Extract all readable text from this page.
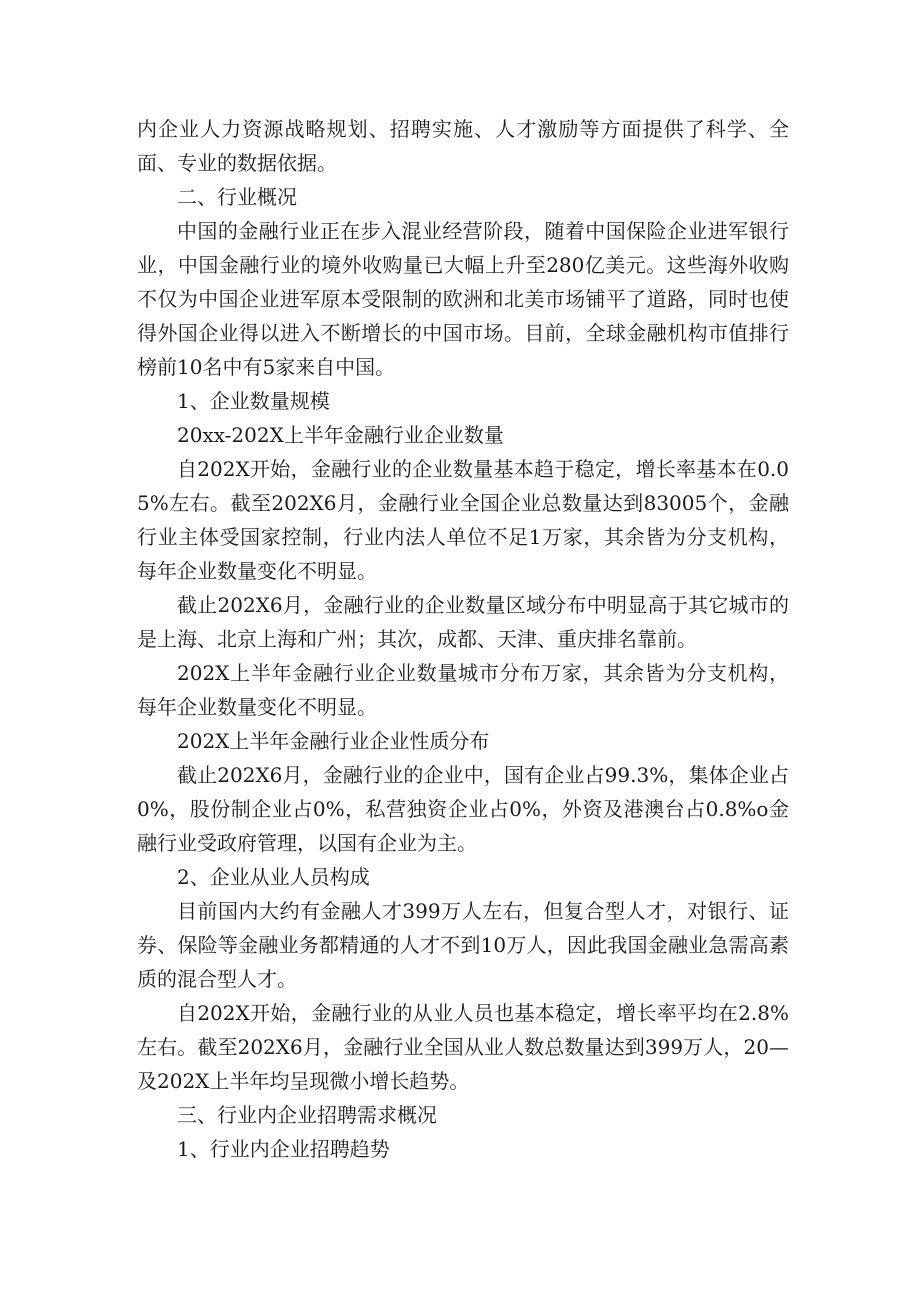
内企业人力资源战略规划、招聘实施、人才激励等方面提供了科学、全面、专业的数据依据。

二、行业概况

中国的金融行业正在步入混业经营阶段，随着中国保险企业进军银行业，中国金融行业的境外收购量已大幅上升至280亿美元。这些海外收购不仅为中国企业进军原本受限制的欧洲和北美市场铺平了道路，同时也使得外国企业得以进入不断增长的中国市场。目前，全球金融机构市值排行榜前10名中有5家来自中国。

1、企业数量规模

20xx-202X上半年金融行业企业数量

自202X开始，金融行业的企业数量基本趋于稳定，增长率基本在0.05%左右。截至202X6月，金融行业全国企业总数量达到83005个，金融行业主体受国家控制，行业内法人单位不足1万家，其余皆为分支机构，每年企业数量变化不明显。

截止202X6月，金融行业的企业数量区域分布中明显高于其它城市的是上海、北京上海和广州；其次，成都、天津、重庆排名靠前。

202X上半年金融行业企业数量城市分布万家，其余皆为分支机构，每年企业数量变化不明显。

202X上半年金融行业企业性质分布

截止202X6月，金融行业的企业中，国有企业占99.3%，集体企业占0%，股份制企业占0%，私营独资企业占0%，外资及港澳台占0.8%o金融行业受政府管理，以国有企业为主。

2、企业从业人员构成

目前国内大约有金融人才399万人左右，但复合型人才，对银行、证券、保险等金融业务都精通的人才不到10万人，因此我国金融业急需高素质的混合型人才。

自202X开始，金融行业的从业人员也基本稳定，增长率平均在2.8%左右。截至202X6月，金融行业全国从业人数总数量达到399万人，20—及202X上半年均呈现微小增长趋势。

三、行业内企业招聘需求概况

1、行业内企业招聘趋势
